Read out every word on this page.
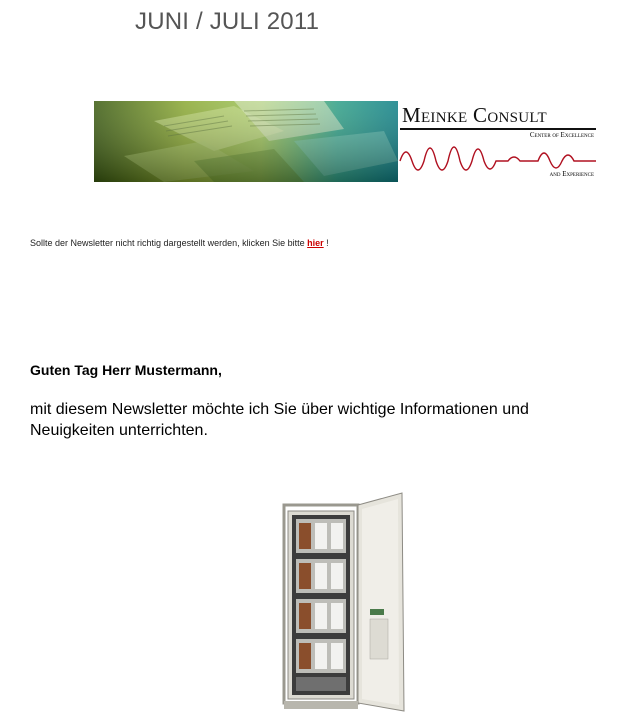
JUNI / JULI 2011
Meinke Consult
Center of Excellence
and Experience
Sollte der Newsletter nicht richtig dargestellt werden, klicken Sie bitte hier !
Guten Tag Herr Mustermann,
mit diesem Newsletter möchte ich Sie über wichtige Informationen und Neuigkeiten unterrichten.
